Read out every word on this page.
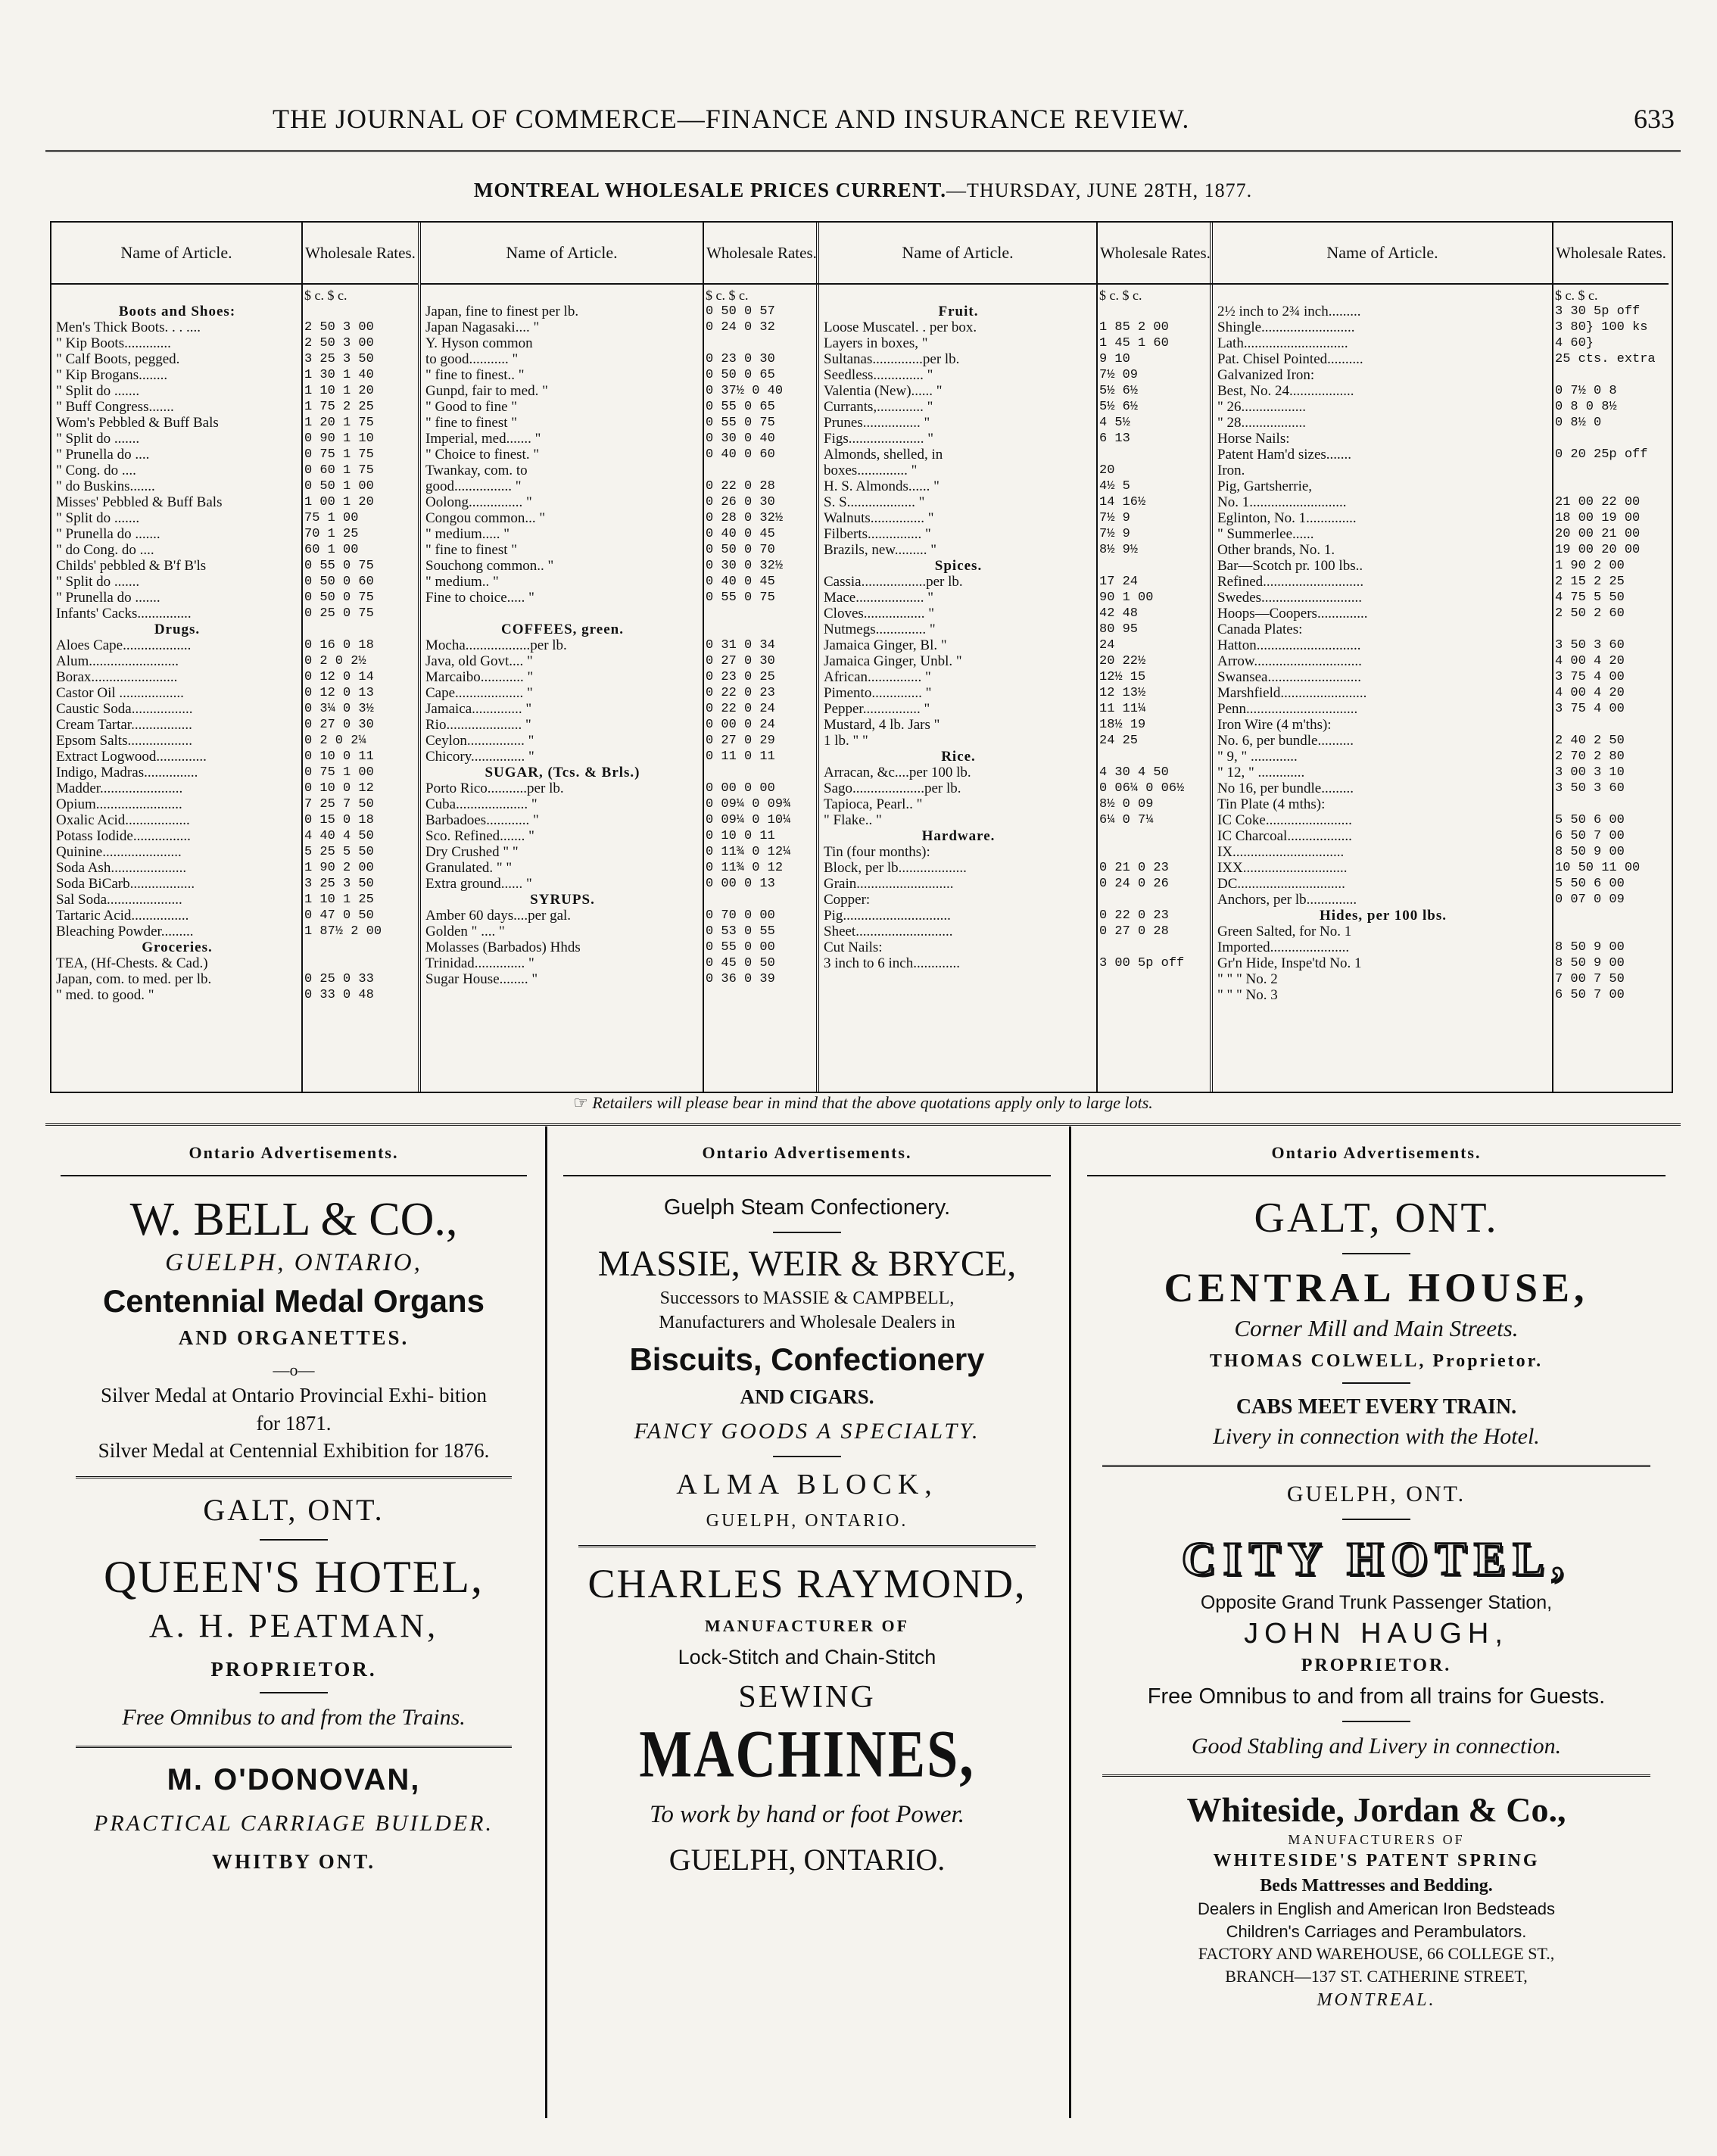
THE JOURNAL OF COMMERCE—FINANCE AND INSURANCE REVIEW.	633
MONTREAL WHOLESALE PRICES CURRENT.—THURSDAY, JUNE 28TH, 1877.
Name of Article.	Wholesale Rates.
$ c. $ c.
Boots and Shoes:
Men's Thick Boots. . . ....	2 50 3 00
" Kip Boots.............	2 50 3 00
" Calf Boots, pegged.	3 25 3 50
" Kip Brogans........	1 30 1 40
" Split do .......	1 10 1 20
" Buff Congress.......	1 75 2 25
Wom's Pebbled & Buff Bals	1 20 1 75
" Split do .......	0 90 1 10
" Prunella do ....	0 75 1 75
" Cong. do ....	0 60 1 75
" do Buskins.......	0 50 1 00
Misses' Pebbled & Buff Bals	1 00 1 20
" Split do .......	75 1 00
" Prunella do .......	70 1 25
" do Cong. do ....	60 1 00
Childs' pebbled & B'f B'ls	0 55 0 75
" Split do .......	0 50 0 60
" Prunella do .......	0 50 0 75
Infants' Cacks...............	0 25 0 75
Drugs.
Aloes Cape...................	0 16 0 18
Alum.........................	0 2 0 2½
Borax........................	0 12 0 14
Castor Oil ..................	0 12 0 13
Caustic Soda.................	0 3¼ 0 3½
Cream Tartar.................	0 27 0 30
Epsom Salts..................	0 2 0 2¼
Extract Logwood..............	0 10 0 11
Indigo, Madras...............	0 75 1 00
Madder.......................	0 10 0 12
Opium........................	7 25 7 50
Oxalic Acid..................	0 15 0 18
Potass Iodide................	4 40 4 50
Quinine......................	5 25 5 50
Soda Ash.....................	1 90 2 00
Soda BiCarb..................	3 25 3 50
Sal Soda.....................	1 10 1 25
Tartaric Acid................	0 47 0 50
Bleaching Powder.........	1 87½ 2 00
Groceries.
TEA, (Hf-Chests. & Cad.)
Japan, com. to med. per lb.	0 25 0 33
" med. to good. "	0 33 0 48
Name of Article.	Wholesale Rates.
$ c. $ c.
Japan, fine to finest per lb.	0 50 0 57
Japan Nagasaki.... "	0 24 0 32
Y. Hyson common
to good........... "	0 23 0 30
" fine to finest.. "	0 50 0 65
Gunpd, fair to med. "	0 37½ 0 40
" Good to fine "	0 55 0 65
" fine to finest "	0 55 0 75
Imperial, med....... "	0 30 0 40
" Choice to finest. "	0 40 0 60
Twankay, com. to
good................ "	0 22 0 28
Oolong............... "	0 26 0 30
Congou common... "	0 28 0 32½
" medium..... "	0 40 0 45
" fine to finest "	0 50 0 70
Souchong common.. "	0 30 0 32½
" medium.. "	0 40 0 45
Fine to choice..... "	0 55 0 75
COFFEES, green.
Mocha..................per lb.	0 31 0 34
Java, old Govt.... "	0 27 0 30
Marcaibo............ "	0 23 0 25
Cape................... "	0 22 0 23
Jamaica.............. "	0 22 0 24
Rio..................... "	0 00 0 24
Ceylon................ "	0 27 0 29
Chicory............... "	0 11 0 11
SUGAR, (Tcs. & Brls.)
Porto Rico...........per lb.	0 00 0 00
Cuba.................... "	0 09¼ 0 09¾
Barbadoes............ "	0 09¼ 0 10¼
Sco. Refined....... "	0 10 0 11
Dry Crushed " "	0 11¾ 0 12¼
Granulated. " "	0 11¾ 0 12
Extra ground...... "	0 00 0 13
SYRUPS.
Amber 60 days....per gal.	0 70 0 00
Golden " .... "	0 53 0 55
Molasses (Barbados) Hhds	0 55 0 00
Trinidad.............. "	0 45 0 50
Sugar House........ "	0 36 0 39
Name of Article.	Wholesale Rates.
$ c. $ c.
Fruit.
Loose Muscatel. . per box.	1 85 2 00
Layers in boxes, "	1 45 1 60
Sultanas..............per lb.	9 10
Seedless.............. "	7½ 09
Valentia (New)...... "	5½ 6½
Currants,............. "	5½ 6½
Prunes................ "	4 5½
Figs..................... "	6 13
Almonds, shelled, in
boxes.............. "	20
H. S. Almonds...... "	4½ 5
S. S................... "	14 16½
Walnuts............... "	7½ 9
Filberts............... "	7½ 9
Brazils, new......... "	8½ 9½
Spices.
Cassia..................per lb.	17 24
Mace................... "	90 1 00
Cloves................. "	42 48
Nutmegs.............. "	80 95
Jamaica Ginger, Bl. "	24
Jamaica Ginger, Unbl. "	20 22½
African............... "	12½ 15
Pimento.............. "	12 13½
Pepper................ "	11 11¼
Mustard, 4 lb. Jars "	18½ 19
1 lb. " "	24 25
Rice.
Arracan, &c....per 100 lb.	4 30 4 50
Sago....................per lb.	0 06¼ 0 06½
Tapioca, Pearl.. "	8½ 0 09
" Flake.. "	6¼ 0 7¼
Hardware.
Tin (four months):
Block, per lb...................	0 21 0 23
Grain...........................	0 24 0 26
Copper:
Pig..............................	0 22 0 23
Sheet...........................	0 27 0 28
Cut Nails:
3 inch to 6 inch.............	3 00 5p off
Name of Article.	Wholesale Rates.
$ c. $ c.
2½ inch to 2¾ inch.........	3 30 5p off
Shingle..........................	3 80} 100 ks
Lath.............................	4 60}
Pat. Chisel Pointed..........	25 cts. extra
Galvanized Iron:
Best, No. 24..................	0 7½ 0 8
" 26..................	0 8 0 8½
" 28..................	0 8½ 0
Horse Nails:
Patent Ham'd sizes.......	0 20 25p off
Iron.
Pig, Gartsherrie,
No. 1...........................	21 00 22 00
Eglinton, No. 1..............	18 00 19 00
" Summerlee......	20 00 21 00
Other brands, No. 1.	19 00 20 00
Bar—Scotch pr. 100 lbs..	1 90 2 00
Refined............................	2 15 2 25
Swedes............................	4 75 5 50
Hoops—Coopers..............	2 50 2 60
Canada Plates:
Hatton.............................	3 50 3 60
Arrow..............................	4 00 4 20
Swansea..........................	3 75 4 00
Marshfield........................	4 00 4 20
Penn...............................	3 75 4 00
Iron Wire (4 m'ths):
No. 6, per bundle..........	2 40 2 50
" 9, " .............	2 70 2 80
" 12, " .............	3 00 3 10
No 16, per bundle.........	3 50 3 60
Tin Plate (4 mths):
IC Coke........................	5 50 6 00
IC Charcoal..................	6 50 7 00
IX...............................	8 50 9 00
IXX.............................	10 50 11 00
DC..............................	5 50 6 00
Anchors, per lb..............	0 07 0 09
Hides, per 100 lbs.
Green Salted, for No. 1
Imported......................	8 50 9 00
Gr'n Hide, Inspe'td No. 1	8 50 9 00
" " " No. 2	7 00 7 50
" " " No. 3	6 50 7 00
☞ Retailers will please bear in mind that the above quotations apply only to large lots.
Ontario Advertisements.
W. BELL & CO.,
GUELPH, ONTARIO,
Centennial Medal Organs
AND ORGANETTES.
—o—
Silver Medal at Ontario Provincial Exhi- bition for 1871.
Silver Medal at Centennial Exhibition for 1876.
GALT, ONT.
QUEEN'S HOTEL,
A. H. PEATMAN,
PROPRIETOR.
Free Omnibus to and from the Trains.
M. O'DONOVAN,
PRACTICAL CARRIAGE BUILDER.
WHITBY ONT.
Ontario Advertisements.
Guelph Steam Confectionery.
MASSIE, WEIR & BRYCE,
Successors to MASSIE & CAMPBELL,
Manufacturers and Wholesale Dealers in
Biscuits, Confectionery
AND CIGARS.
FANCY GOODS A SPECIALTY.
ALMA BLOCK,
GUELPH, ONTARIO.
CHARLES RAYMOND,
MANUFACTURER OF
Lock-Stitch and Chain-Stitch
SEWING
MACHINES,
To work by hand or foot Power.
GUELPH, ONTARIO.
Ontario Advertisements.
GALT, ONT.
CENTRAL HOUSE,
Corner Mill and Main Streets.
THOMAS COLWELL, Proprietor.
CABS MEET EVERY TRAIN.
Livery in connection with the Hotel.
GUELPH, ONT.
CITY HOTEL,
Opposite Grand Trunk Passenger Station,
JOHN HAUGH,
PROPRIETOR.
Free Omnibus to and from all trains for Guests.
Good Stabling and Livery in connection.
Whiteside, Jordan & Co.,
MANUFACTURERS OF
WHITESIDE'S PATENT SPRING
Beds Mattresses and Bedding.
Dealers in English and American Iron Bedsteads
Children's Carriages and Perambulators.
FACTORY AND WAREHOUSE, 66 COLLEGE ST.,
BRANCH—137 ST. CATHERINE STREET,
MONTREAL.
